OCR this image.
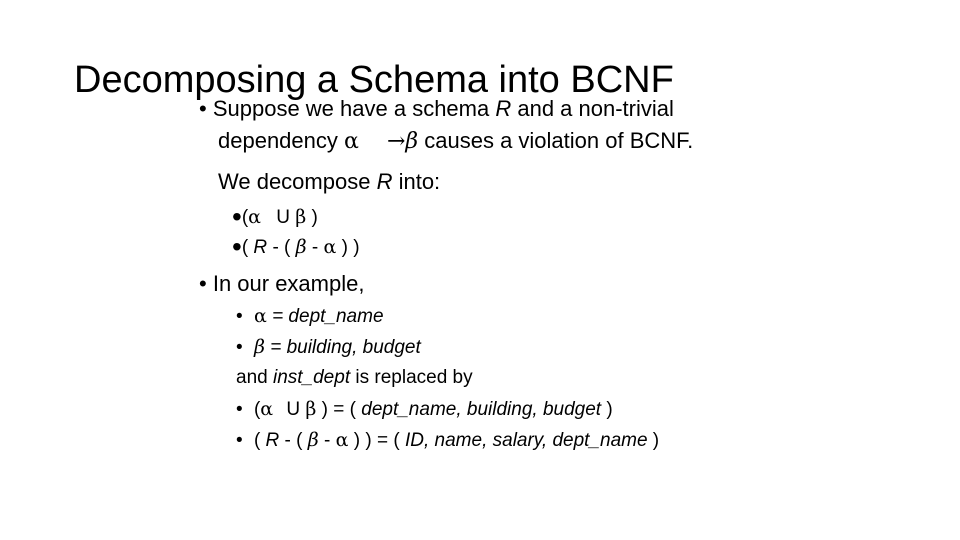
Decomposing a Schema into BCNF
• Suppose we have a schema R and a non-trivial
dependency α →β causes a violation of BCNF.
We decompose R into:
•(α U β )
•( R - ( β - α ) )
• In our example,
• α = dept_name
• β = building, budget
and inst_dept is replaced by
• (α U β ) = ( dept_name, building, budget )
• ( R - ( β - α ) ) = ( ID, name, salary, dept_name )
